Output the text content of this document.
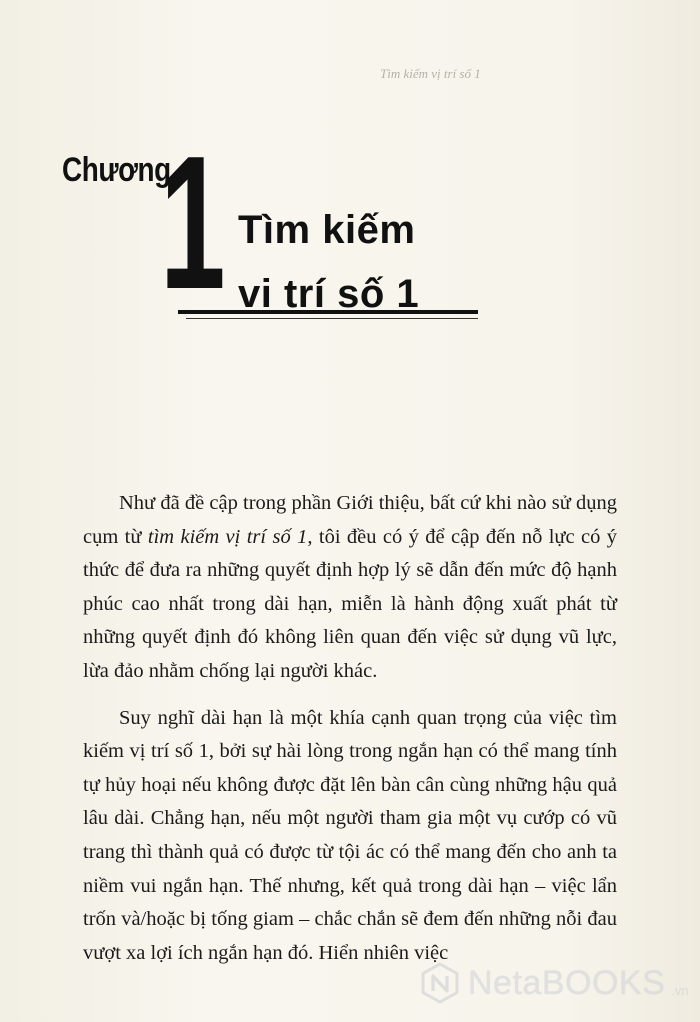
Tìm kiếm vị trí số 1
Chương
1 Tìm kiếm
vị trí số 1

Như đã đề cập trong phần Giới thiệu, bất cứ khi nào sử dụng cụm từ tìm kiếm vị trí số 1, tôi đều có ý để cập đến nỗ lực có ý thức để đưa ra những quyết định hợp lý sẽ dẫn đến mức độ hạnh phúc cao nhất trong dài hạn, miễn là hành động xuất phát từ những quyết định đó không liên quan đến việc sử dụng vũ lực, lừa đảo nhằm chống lại người khác.

Suy nghĩ dài hạn là một khía cạnh quan trọng của việc tìm kiếm vị trí số 1, bởi sự hài lòng trong ngắn hạn có thể mang tính tự hủy hoại nếu không được đặt lên bàn cân cùng những hậu quả lâu dài. Chẳng hạn, nếu một người tham gia một vụ cướp có vũ trang thì thành quả có được từ tội ác có thể mang đến cho anh ta niềm vui ngắn hạn. Thế nhưng, kết quả trong dài hạn – việc lẩn trốn và/hoặc bị tống giam – chắc chắn sẽ đem đến những nỗi đau vượt xa lợi ích ngắn hạn đó. Hiển nhiên việc

NetaBOOKS .vn
